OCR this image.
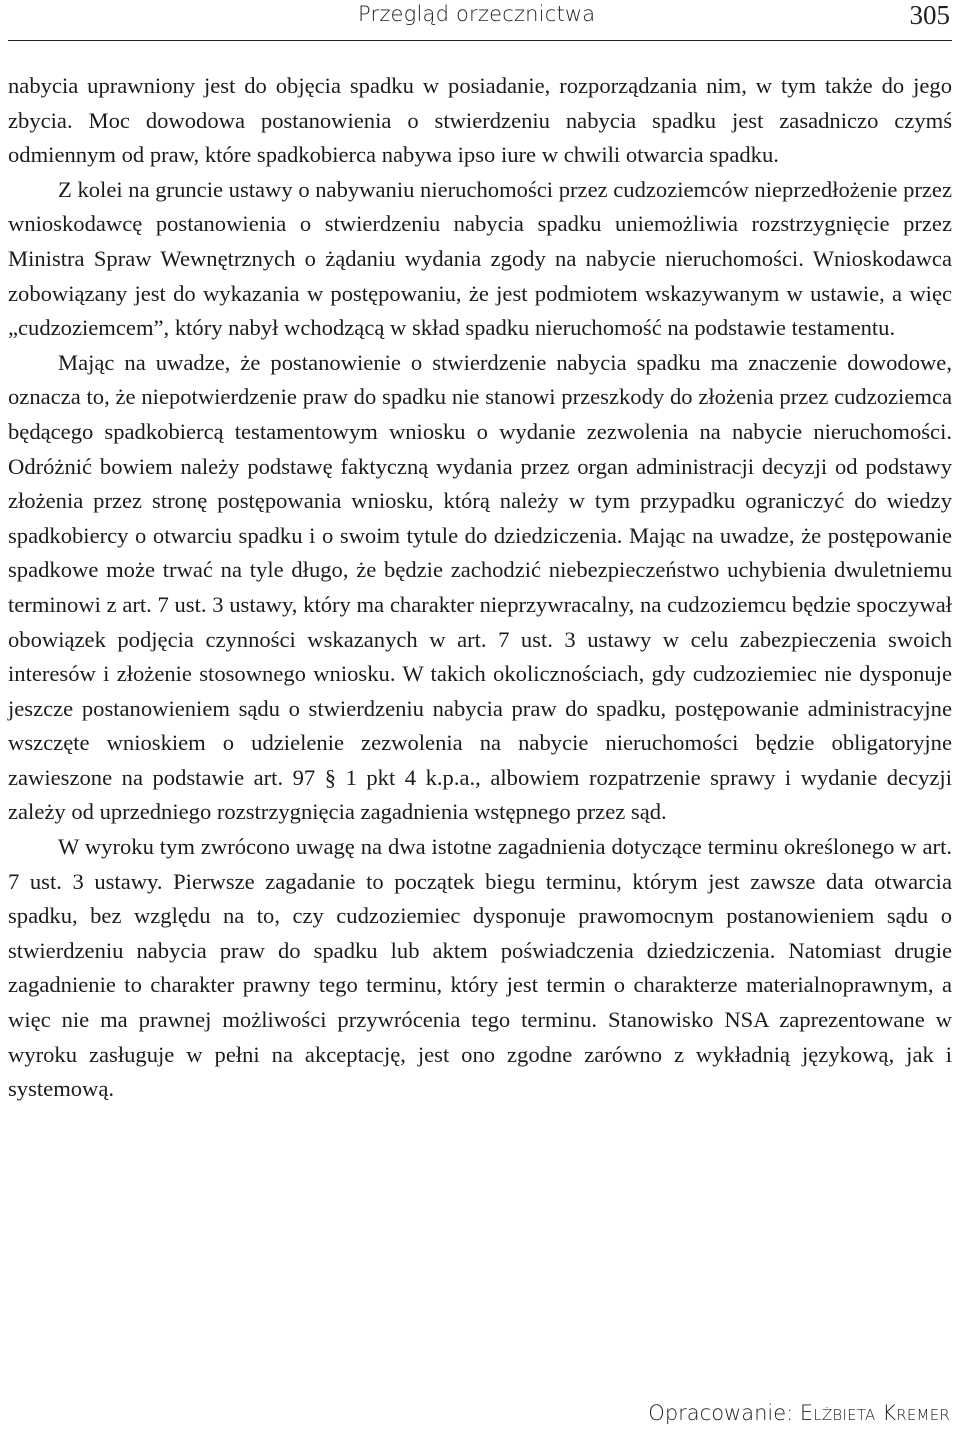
Przegląd orzecznictwa	305

nabycia uprawniony jest do objęcia spadku w posiadanie, rozporządzania nim, w tym także do jego zbycia. Moc dowodowa postanowienia o stwierdzeniu nabycia spadku jest zasadniczo czymś odmiennym od praw, które spadkobierca nabywa ipso iure w chwili otwarcia spadku.

Z kolei na gruncie ustawy o nabywaniu nieruchomości przez cudzoziemców nieprzedłożenie przez wnioskodawcę postanowienia o stwierdzeniu nabycia spadku uniemożliwia rozstrzygnięcie przez Ministra Spraw Wewnętrznych o żądaniu wydania zgody na nabycie nieruchomości. Wnioskodawca zobowiązany jest do wykazania w postępowaniu, że jest podmiotem wskazywanym w ustawie, a więc „cudzoziemcem”, który nabył wchodzącą w skład spadku nieruchomość na podstawie testamentu.

Mając na uwadze, że postanowienie o stwierdzenie nabycia spadku ma znaczenie dowodowe, oznacza to, że niepotwierdzenie praw do spadku nie stanowi przeszkody do złożenia przez cudzoziemca będącego spadkobiercą testamentowym wniosku o wydanie zezwolenia na nabycie nieruchomości. Odróżnić bowiem należy podstawę faktyczną wydania przez organ administracji decyzji od podstawy złożenia przez stronę postępowania wniosku, którą należy w tym przypadku ograniczyć do wiedzy spadkobiercy o otwarciu spadku i o swoim tytule do dziedziczenia. Mając na uwadze, że postępowanie spadkowe może trwać na tyle długo, że będzie zachodzić niebezpieczeństwo uchybienia dwuletniemu terminowi z art. 7 ust. 3 ustawy, który ma charakter nieprzywracalny, na cudzoziemcu będzie spoczywał obowiązek podjęcia czynności wskazanych w art. 7 ust. 3 ustawy w celu zabezpieczenia swoich interesów i złożenie stosownego wniosku. W takich okolicznościach, gdy cudzoziemiec nie dysponuje jeszcze postanowieniem sądu o stwierdzeniu nabycia praw do spadku, postępowanie administracyjne wszczęte wnioskiem o udzielenie zezwolenia na nabycie nieruchomości będzie obligatoryjne zawieszone na podstawie art. 97 § 1 pkt 4 k.p.a., albowiem rozpatrzenie sprawy i wydanie decyzji zależy od uprzedniego rozstrzygnięcia zagadnienia wstępnego przez sąd.

W wyroku tym zwrócono uwagę na dwa istotne zagadnienia dotyczące terminu określonego w art. 7 ust. 3 ustawy. Pierwsze zagadanie to początek biegu terminu, którym jest zawsze data otwarcia spadku, bez względu na to, czy cudzoziemiec dysponuje prawomocnym postanowieniem sądu o stwierdzeniu nabycia praw do spadku lub aktem poświadczenia dziedziczenia. Natomiast drugie zagadnienie to charakter prawny tego terminu, który jest termin o charakterze materialnoprawnym, a więc nie ma prawnej możliwości przywrócenia tego terminu. Stanowisko NSA zaprezentowane w wyroku zasługuje w pełni na akceptację, jest ono zgodne zarówno z wykładnią językową, jak i systemową.

Opracowanie: Elżbieta Kremer
